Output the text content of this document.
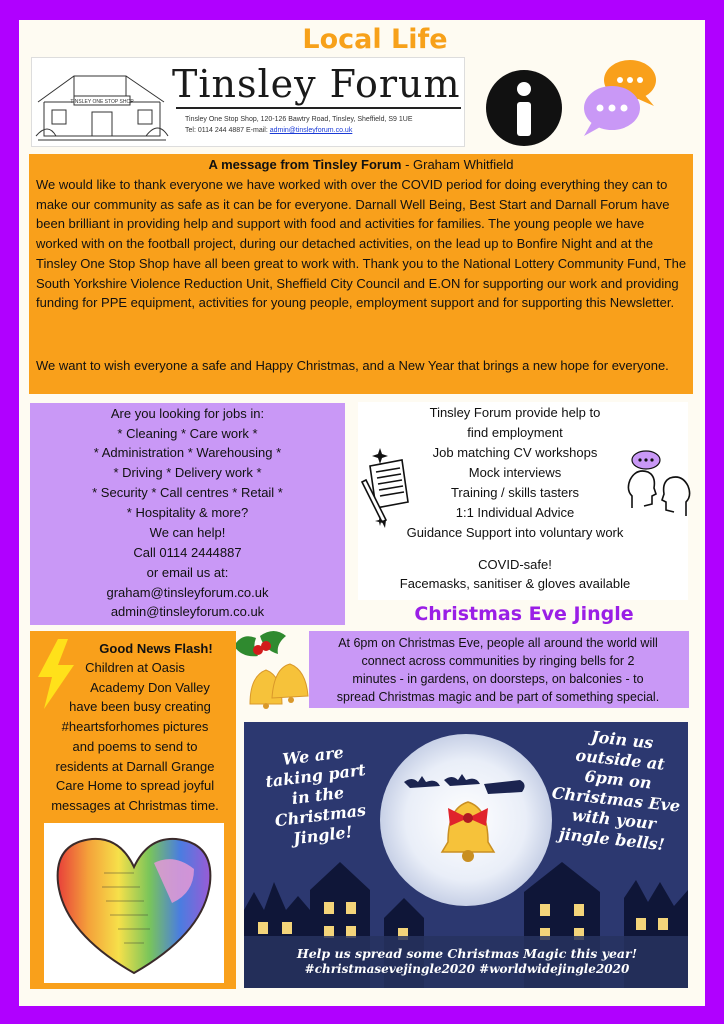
Local Life
TINSLEY ONE STOP SHOP Tinsley Forum
Tinsley One Stop Shop, 120-126 Bawtry Road, Tinsley, Sheffield, S9 1UE
Tel: 0114 244 4887 E-mail: admin@tinsleyforum.co.uk
A message from Tinsley Forum - Graham Whitfield
We would like to thank everyone we have worked with over the COVID period for doing everything they can to make our community as safe as it can be for everyone. Darnall Well Being, Best Start and Darnall Forum have been brilliant in providing help and support with food and activities for families. The young people we have worked with on the football project, during our detached activities, on the lead up to Bonfire Night and at the Tinsley One Stop Shop have all been great to work with. Thank you to the National Lottery Community Fund, The South Yorkshire Violence Reduction Unit, Sheffield City Council and E.ON for supporting our work and providing funding for PPE equipment, activities for young people, employment support and for supporting this Newsletter.
We want to wish everyone a safe and Happy Christmas, and a New Year that brings a new hope for everyone.
Are you looking for jobs in:
* Cleaning * Care work *
* Administration * Warehousing *
* Driving * Delivery work *
* Security * Call centres * Retail *
* Hospitality & more?
We can help!
Call 0114 2444887
or email us at:
graham@tinsleyforum.co.uk
admin@tinsleyforum.co.uk
Tinsley Forum provide help to
find employment
Job matching CV workshops
Mock interviews
Training / skills tasters
1:1 Individual Advice
Guidance Support into voluntary work
COVID-safe!
Facemasks, sanitiser & gloves available
Christmas Eve Jingle
At 6pm on Christmas Eve, people all around the world will
connect across communities by ringing bells for 2
minutes - in gardens, on doorsteps, on balconies - to
spread Christmas magic and be part of something special.
Good News Flash!
Children at Oasis
Academy Don Valley
have been busy creating
#heartsforhomes pictures
and poems to send to
residents at Darnall Grange
Care Home to spread joyful
messages at Christmas time.
We are taking part in the Christmas Jingle!
Join us outside at 6pm on Christmas Eve with your jingle bells!
Help us spread some Christmas Magic this year!
#christmasevejingle2020 #worldwidejingle2020
